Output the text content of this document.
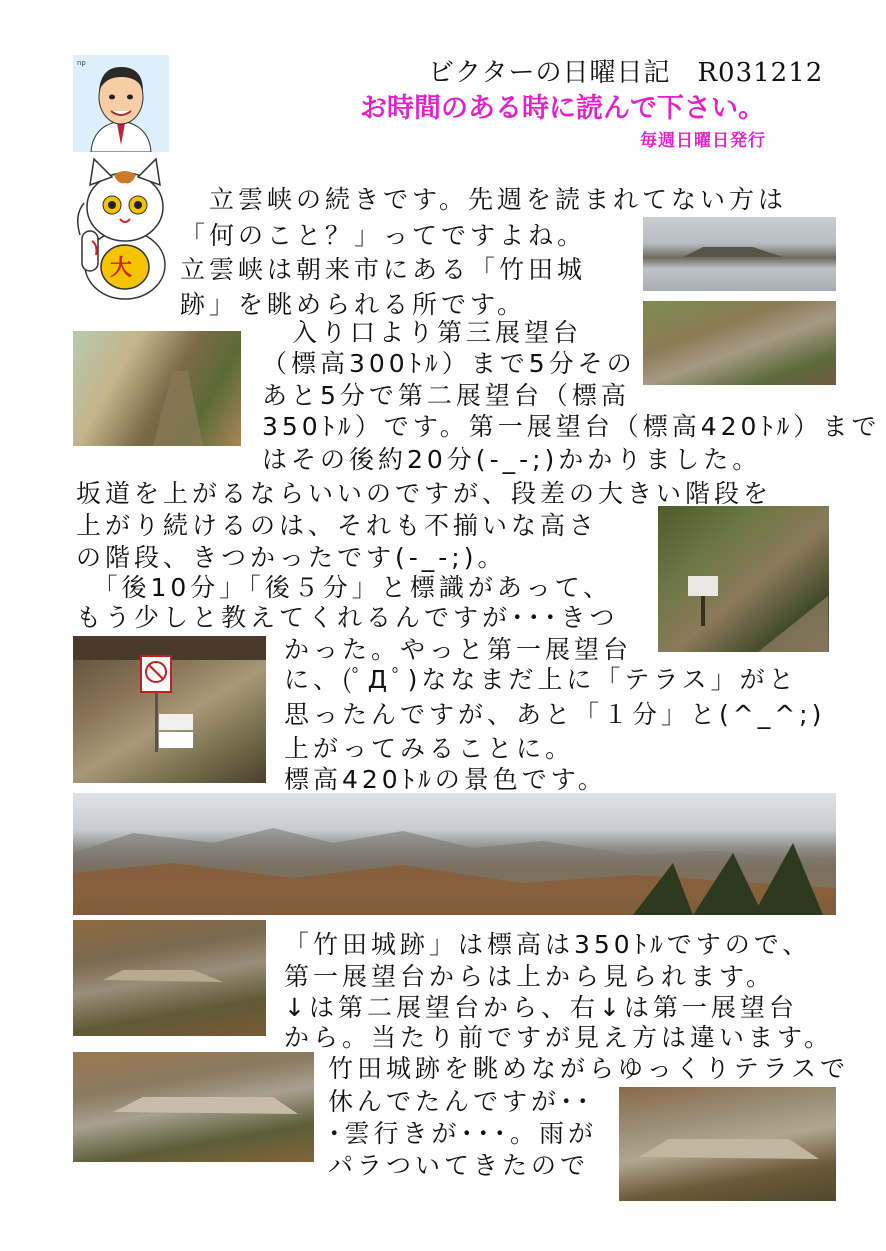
ビクターの日曜日記　R031212
お時間のある時に読んで下さい。
毎週日曜日発行
np
大
　立雲峡の続きです。先週を読まれてない方は
「何のこと？」ってですよね。
立雲峡は朝来市にある「竹田城
跡」を眺められる所です。
入り口より第三展望台
（標高300ﾄﾙ）まで5分その
あと5分で第二展望台（標高
350ﾄﾙ）です。第一展望台（標高420ﾄﾙ）まで
はその後約20分(-_-;)かかりました。
坂道を上がるならいいのですが、段差の大きい階段を
上がり続けるのは、それも不揃いな高さ
の階段、きつかったです(-_-;)。
　「後10分」「後５分」と標識があって、
もう少しと教えてくれるんですが･･･きつ
かった。やっと第一展望台
に、(ﾟДﾟ)ななまだ上に「テラス」がと
思ったんですが、あと「１分」と(^_^;)
上がってみることに。
標高420ﾄﾙの景色です。
「竹田城跡」は標高は350ﾄﾙですので、
第一展望台からは上から見られます。
↓は第二展望台から、右↓は第一展望台
から。当たり前ですが見え方は違います。
竹田城跡を眺めながらゆっくりテラスで
休んでたんですが･･
･雲行きが･･･。雨が
パラついてきたので
